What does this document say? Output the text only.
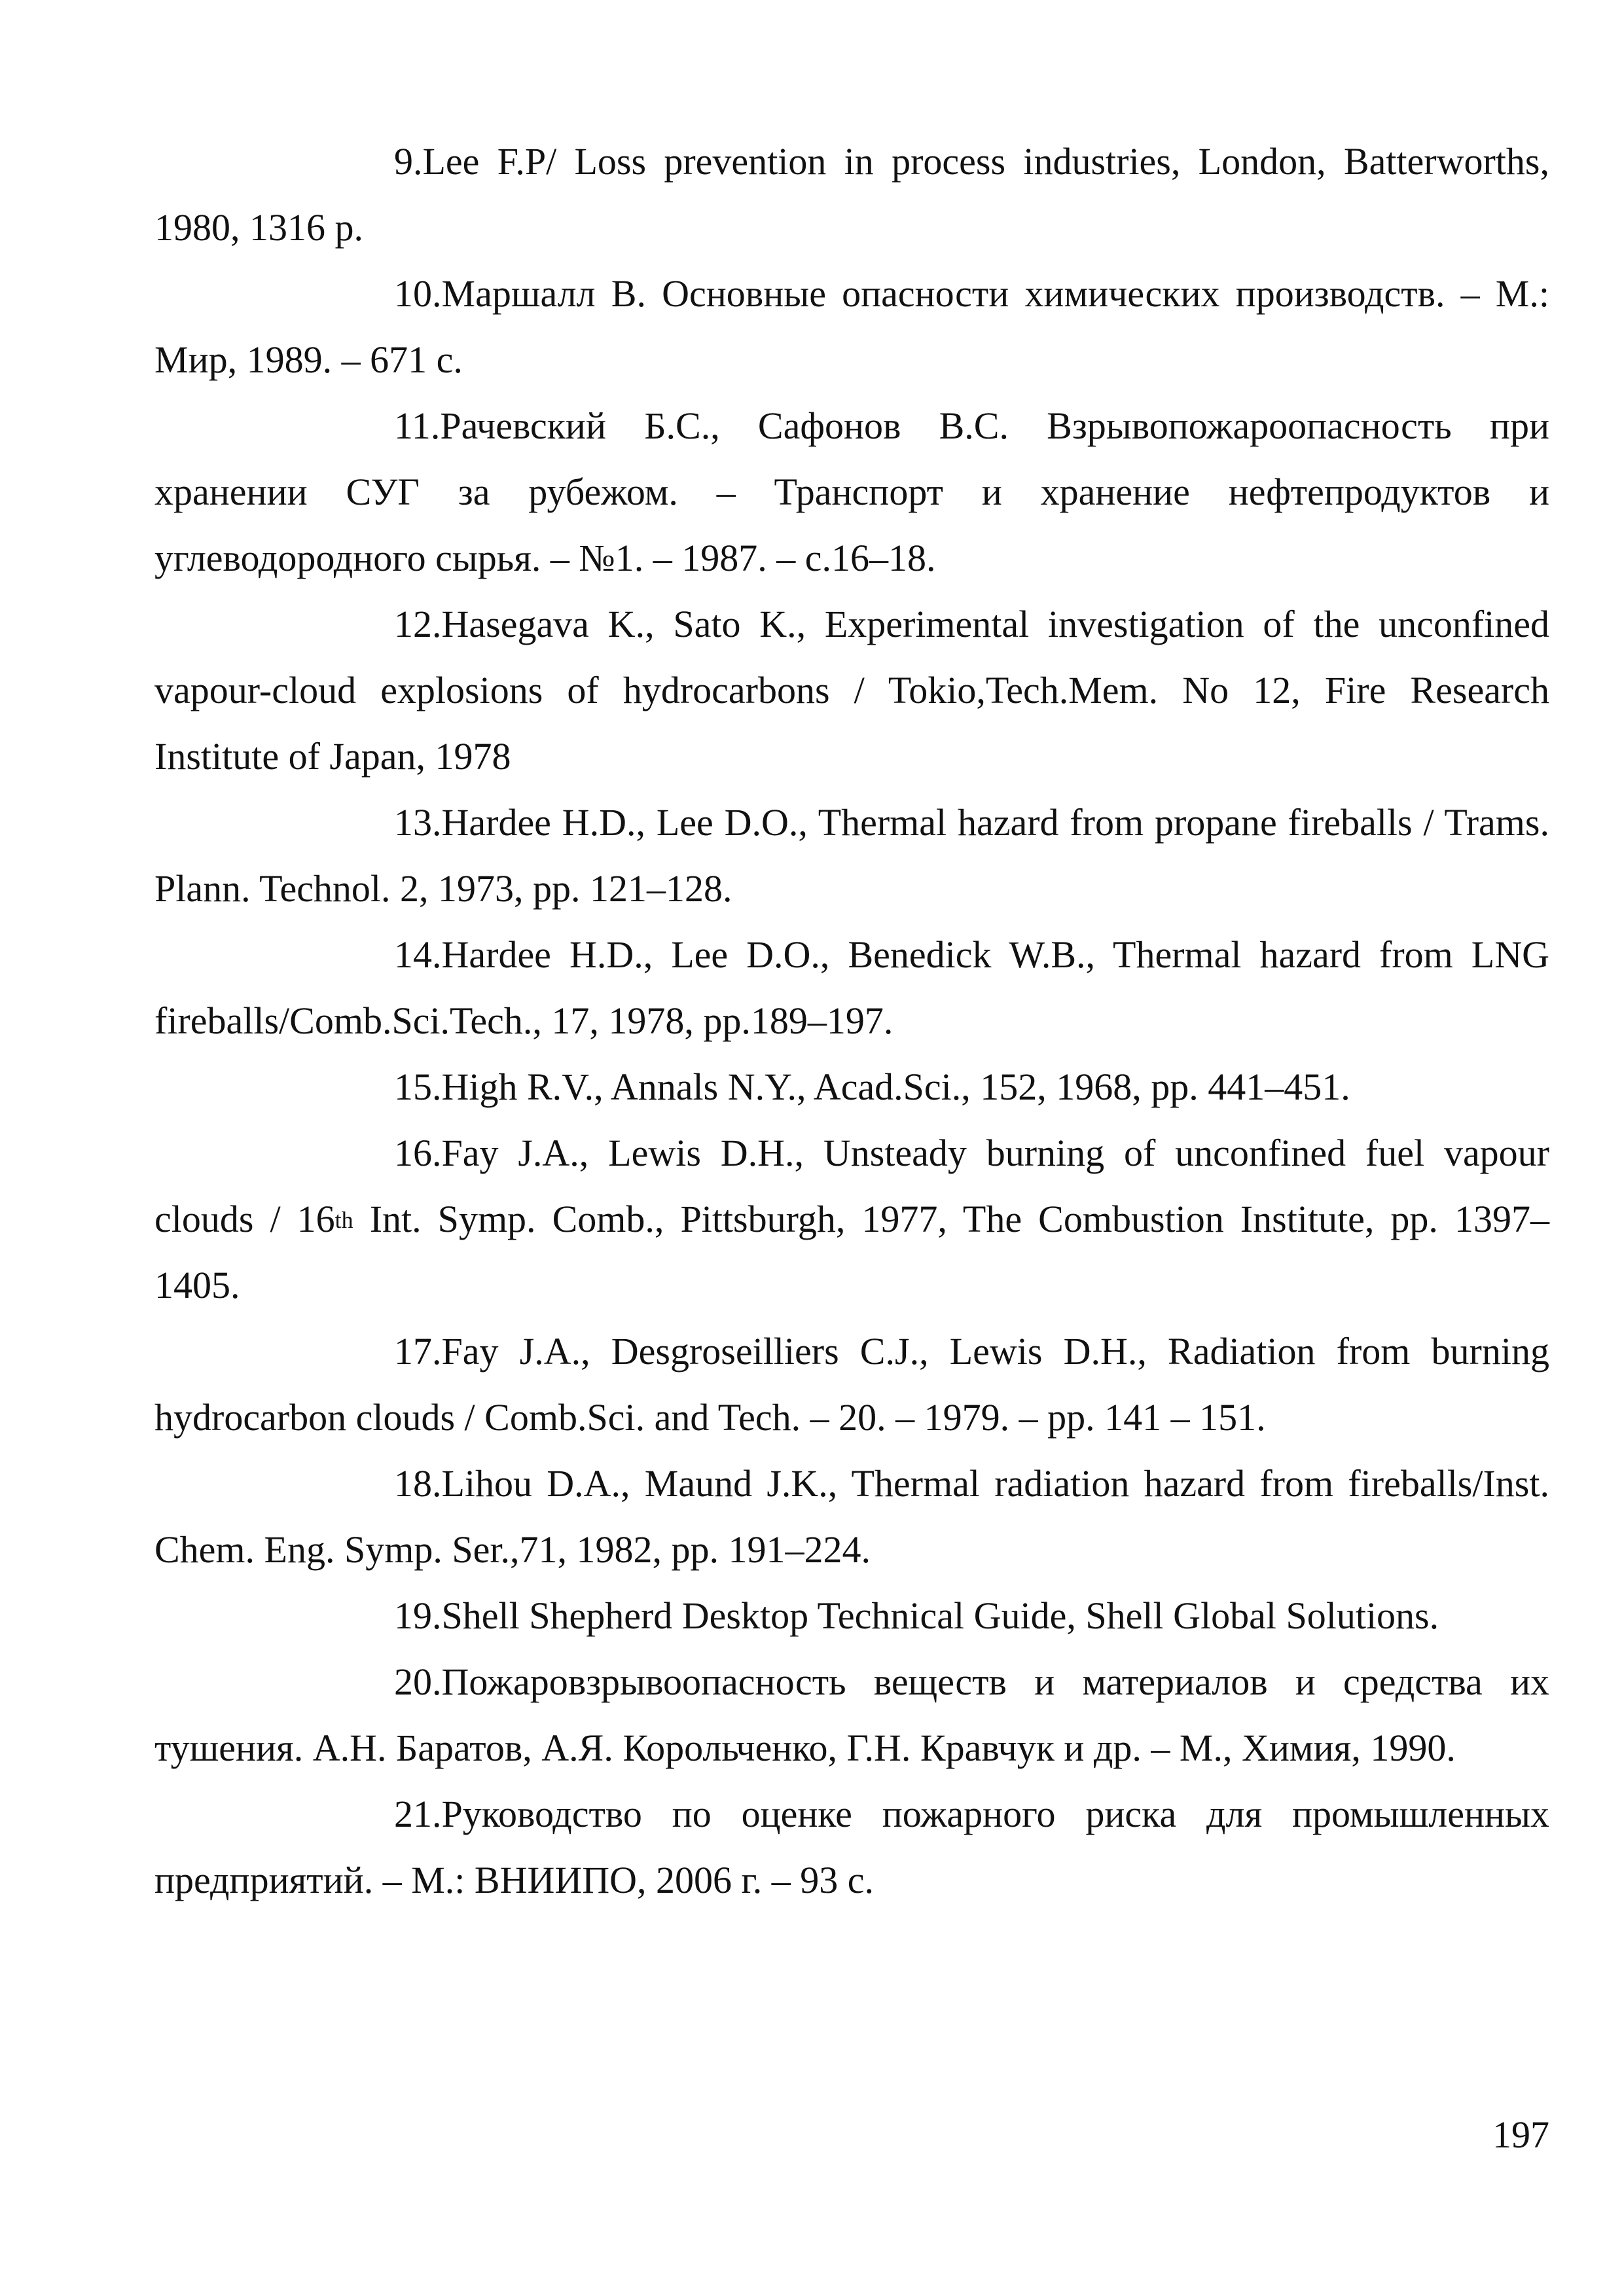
9.Lee F.P/ Loss prevention in process industries, London, Batterworths, 1980, 1316 p.

10.Маршалл В. Основные опасности химических производств. – М.: Мир, 1989. – 671 с.

11.Рачевский Б.С., Сафонов В.С. Взрывопожароопасность при хранении СУГ за рубежом. – Транспорт и хранение нефтепродуктов и углеводородного сырья. – №1. – 1987. – с.16–18.

12.Hasegava K., Sato K., Experimental investigation of the unconfined vapour-cloud explosions of hydrocarbons / Tokio,Tech.Mem. No 12, Fire Research Institute of Japan, 1978

13.Hardee H.D., Lee D.O., Thermal hazard from propane fireballs / Trams. Plann. Technol. 2, 1973, pp. 121–128.

14.Hardee H.D., Lee D.O., Benedick W.B., Thermal hazard from LNG fireballs/Comb.Sci.Tech., 17, 1978, pp.189–197.

15.High R.V., Annals N.Y., Acad.Sci., 152, 1968, pp. 441–451.

16.Fay J.A., Lewis D.H., Unsteady burning of unconfined fuel vapour clouds / 16th Int. Symp. Comb., Pittsburgh, 1977, The Combustion Institute, pp. 1397–1405.

17.Fay J.A., Desgroseilliers C.J., Lewis D.H., Radiation from burning hydrocarbon clouds / Comb.Sci. and Tech. – 20. – 1979. – pp. 141 – 151.

18.Lihou D.A., Maund J.K., Thermal radiation hazard from fireballs/Inst. Chem. Eng. Symp. Ser.,71, 1982, pp. 191–224.

19.Shell Shepherd Desktop Technical Guide, Shell Global Solutions.

20.Пожаровзрывоопасность веществ и материалов и средства их тушения. А.Н. Баратов, А.Я. Корольченко, Г.Н. Кравчук и др. – М., Химия, 1990.

21.Руководство по оценке пожарного риска для промышленных предприятий. – М.: ВНИИПО, 2006 г. – 93 с.

197
